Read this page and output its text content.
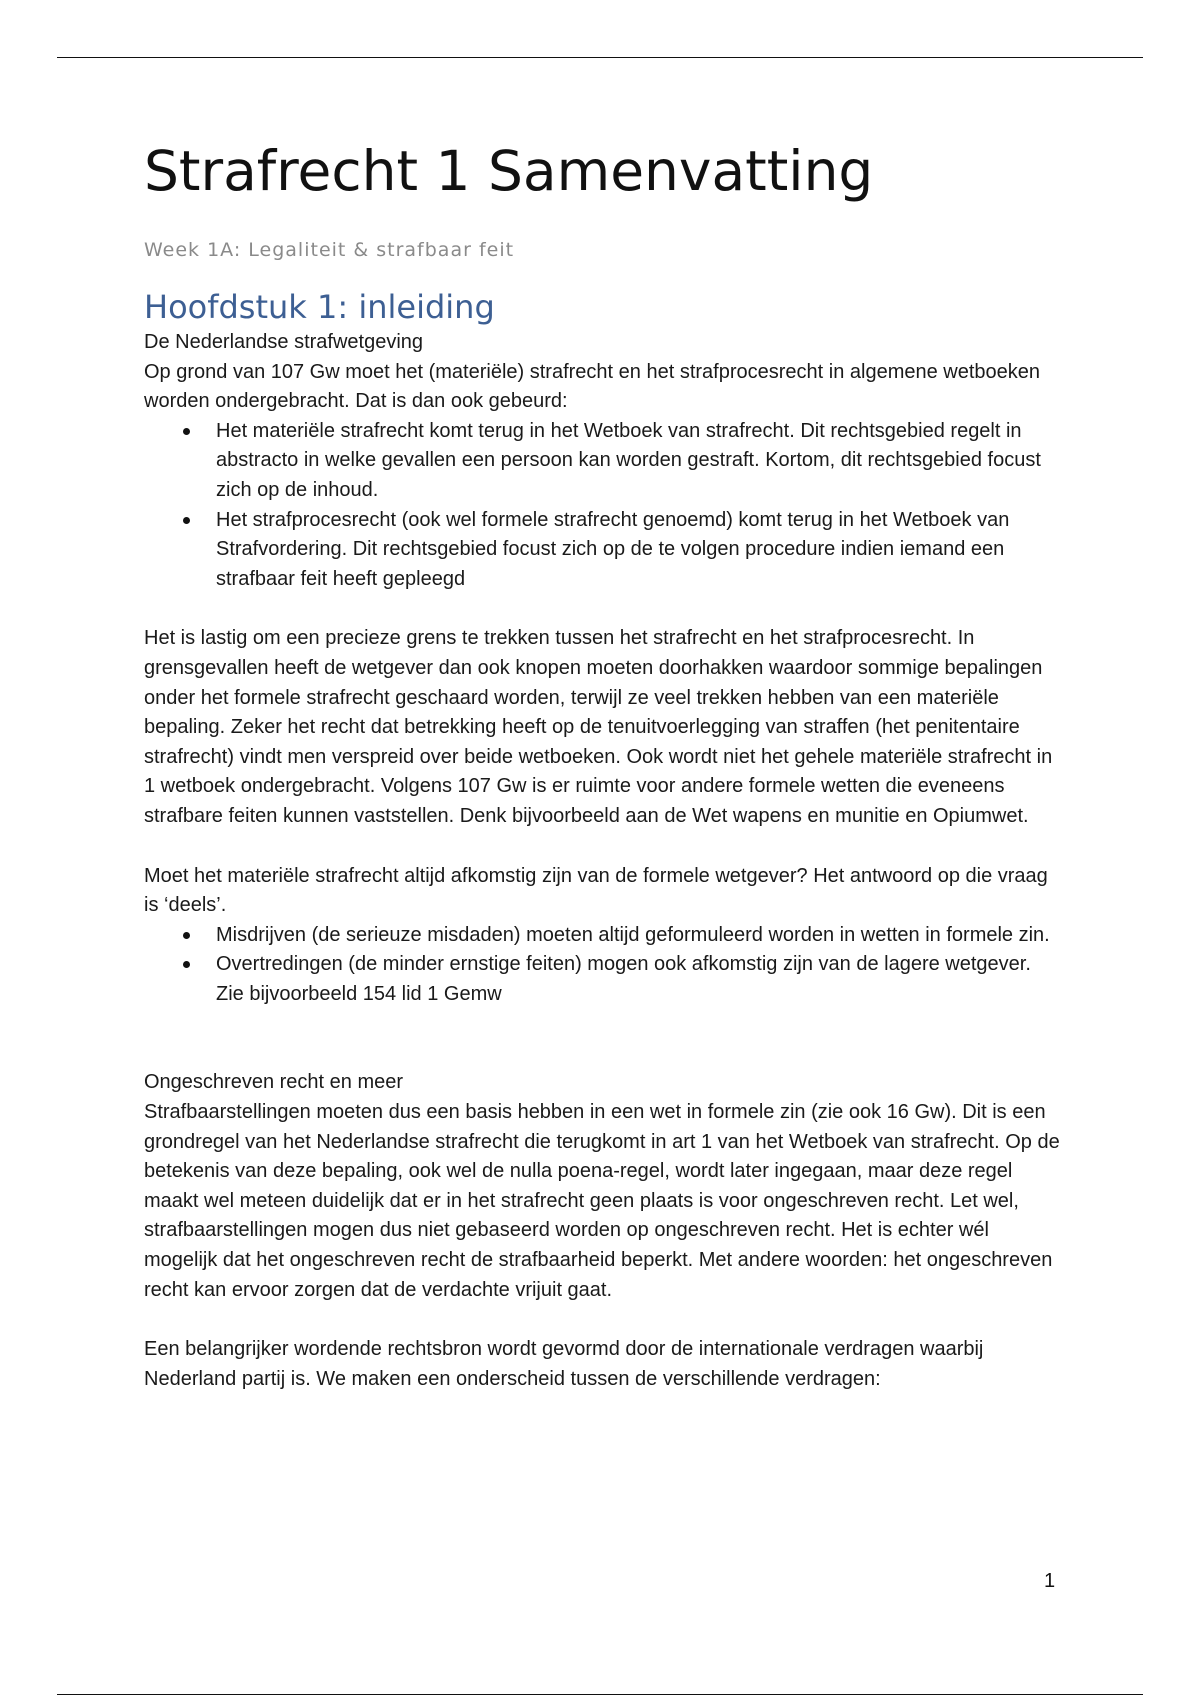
Strafrecht 1 Samenvatting
Week 1A: Legaliteit & strafbaar feit
Hoofdstuk 1: inleiding

De Nederlandse strafwetgeving

Op grond van 107 Gw moet het (materiële) strafrecht en het strafprocesrecht in algemene wetboeken worden ondergebracht. Dat is dan ook gebeurd:

Het materiële strafrecht komt terug in het Wetboek van strafrecht. Dit rechtsgebied regelt in abstracto in welke gevallen een persoon kan worden gestraft. Kortom, dit rechtsgebied focust zich op de inhoud.
Het strafprocesrecht (ook wel formele strafrecht genoemd) komt terug in het Wetboek van Strafvordering. Dit rechtsgebied focust zich op de te volgen procedure indien iemand een strafbaar feit heeft gepleegd

Het is lastig om een precieze grens te trekken tussen het strafrecht en het strafprocesrecht. In grensgevallen heeft de wetgever dan ook knopen moeten doorhakken waardoor sommige bepalingen onder het formele strafrecht geschaard worden, terwijl ze veel trekken hebben van een materiële bepaling. Zeker het recht dat betrekking heeft op de tenuitvoerlegging van straffen (het penitentaire strafrecht) vindt men verspreid over beide wetboeken. Ook wordt niet het gehele materiële strafrecht in 1 wetboek ondergebracht. Volgens 107 Gw is er ruimte voor andere formele wetten die eveneens strafbare feiten kunnen vaststellen. Denk bijvoorbeeld aan de Wet wapens en munitie en Opiumwet.

Moet het materiële strafrecht altijd afkomstig zijn van de formele wetgever? Het antwoord op die vraag is ‘deels’.

Misdrijven (de serieuze misdaden) moeten altijd geformuleerd worden in wetten in formele zin.
Overtredingen (de minder ernstige feiten) mogen ook afkomstig zijn van de lagere wetgever. Zie bijvoorbeeld 154 lid 1 Gemw

Ongeschreven recht en meer

Strafbaarstellingen moeten dus een basis hebben in een wet in formele zin (zie ook 16 Gw). Dit is een grondregel van het Nederlandse strafrecht die terugkomt in art 1 van het Wetboek van strafrecht. Op de betekenis van deze bepaling, ook wel de nulla poena-regel, wordt later ingegaan, maar deze regel maakt wel meteen duidelijk dat er in het strafrecht geen plaats is voor ongeschreven recht. Let wel, strafbaarstellingen mogen dus niet gebaseerd worden op ongeschreven recht. Het is echter wél mogelijk dat het ongeschreven recht de strafbaarheid beperkt. Met andere woorden: het ongeschreven recht kan ervoor zorgen dat de verdachte vrijuit gaat.

Een belangrijker wordende rechtsbron wordt gevormd door de internationale verdragen waarbij Nederland partij is. We maken een onderscheid tussen de verschillende verdragen:

1
